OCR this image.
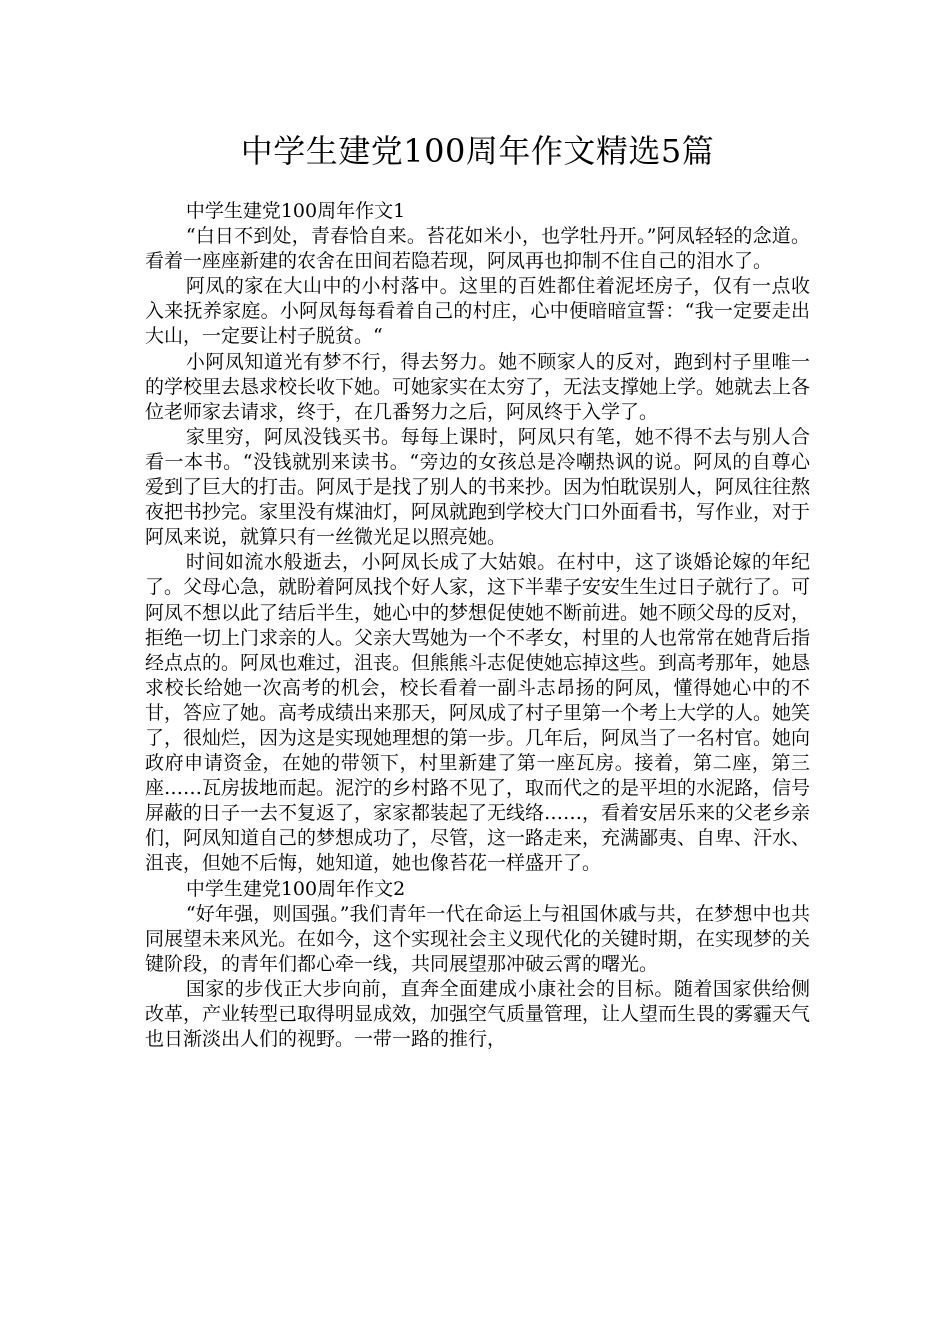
中学生建党100周年作文精选5篇

中学生建党100周年作文1

“白日不到处，青春恰自来。苔花如米小，也学牡丹开。”阿凤轻轻的念道。看着一座座新建的农舍在田间若隐若现，阿凤再也抑制不住自己的泪水了。

阿凤的家在大山中的小村落中。这里的百姓都住着泥坯房子，仅有一点收入来抚养家庭。小阿凤每每看着自己的村庄，心中便暗暗宣誓：“我一定要走出大山，一定要让村子脱贫。“

小阿凤知道光有梦不行，得去努力。她不顾家人的反对，跑到村子里唯一的学校里去恳求校长收下她。可她家实在太穷了，无法支撑她上学。她就去上各位老师家去请求，终于，在几番努力之后，阿凤终于入学了。

家里穷，阿凤没钱买书。每每上课时，阿凤只有笔，她不得不去与别人合看一本书。“没钱就别来读书。“旁边的女孩总是冷嘲热讽的说。阿凤的自尊心爱到了巨大的打击。阿凤于是找了别人的书来抄。因为怕耽误别人，阿凤往往熬夜把书抄完。家里没有煤油灯，阿凤就跑到学校大门口外面看书，写作业，对于阿凤来说，就算只有一丝微光足以照亮她。

时间如流水般逝去，小阿凤长成了大姑娘。在村中，这了谈婚论嫁的年纪了。父母心急，就盼着阿凤找个好人家，这下半辈子安安生生过日子就行了。可阿凤不想以此了结后半生，她心中的梦想促使她不断前进。她不顾父母的反对，拒绝一切上门求亲的人。父亲大骂她为一个不孝女，村里的人也常常在她背后指经点点的。阿凤也难过，沮丧。但熊熊斗志促使她忘掉这些。到高考那年，她恳求校长给她一次高考的机会，校长看着一副斗志昂扬的阿凤，懂得她心中的不甘，答应了她。高考成绩出来那天，阿凤成了村子里第一个考上大学的人。她笑了，很灿烂，因为这是实现她理想的第一步。几年后，阿凤当了一名村官。她向政府申请资金，在她的带领下，村里新建了第一座瓦房。接着，第二座，第三座……瓦房拔地而起。泥泞的乡村路不见了，取而代之的是平坦的水泥路，信号屏蔽的日子一去不复返了，家家都装起了无线络……，看着安居乐来的父老乡亲们，阿凤知道自己的梦想成功了，尽管，这一路走来，充满鄙夷、自卑、汗水、沮丧，但她不后悔，她知道，她也像苔花一样盛开了。

中学生建党100周年作文2

“好年强，则国强。”我们青年一代在命运上与祖国休戚与共，在梦想中也共同展望未来风光。在如今，这个实现社会主义现代化的关键时期，在实现梦的关键阶段，的青年们都心牵一线，共同展望那冲破云霄的曙光。

国家的步伐正大步向前，直奔全面建成小康社会的目标。随着国家供给侧改革，产业转型已取得明显成效，加强空气质量管理，让人望而生畏的雾霾天气也日渐淡出人们的视野。一带一路的推行，
